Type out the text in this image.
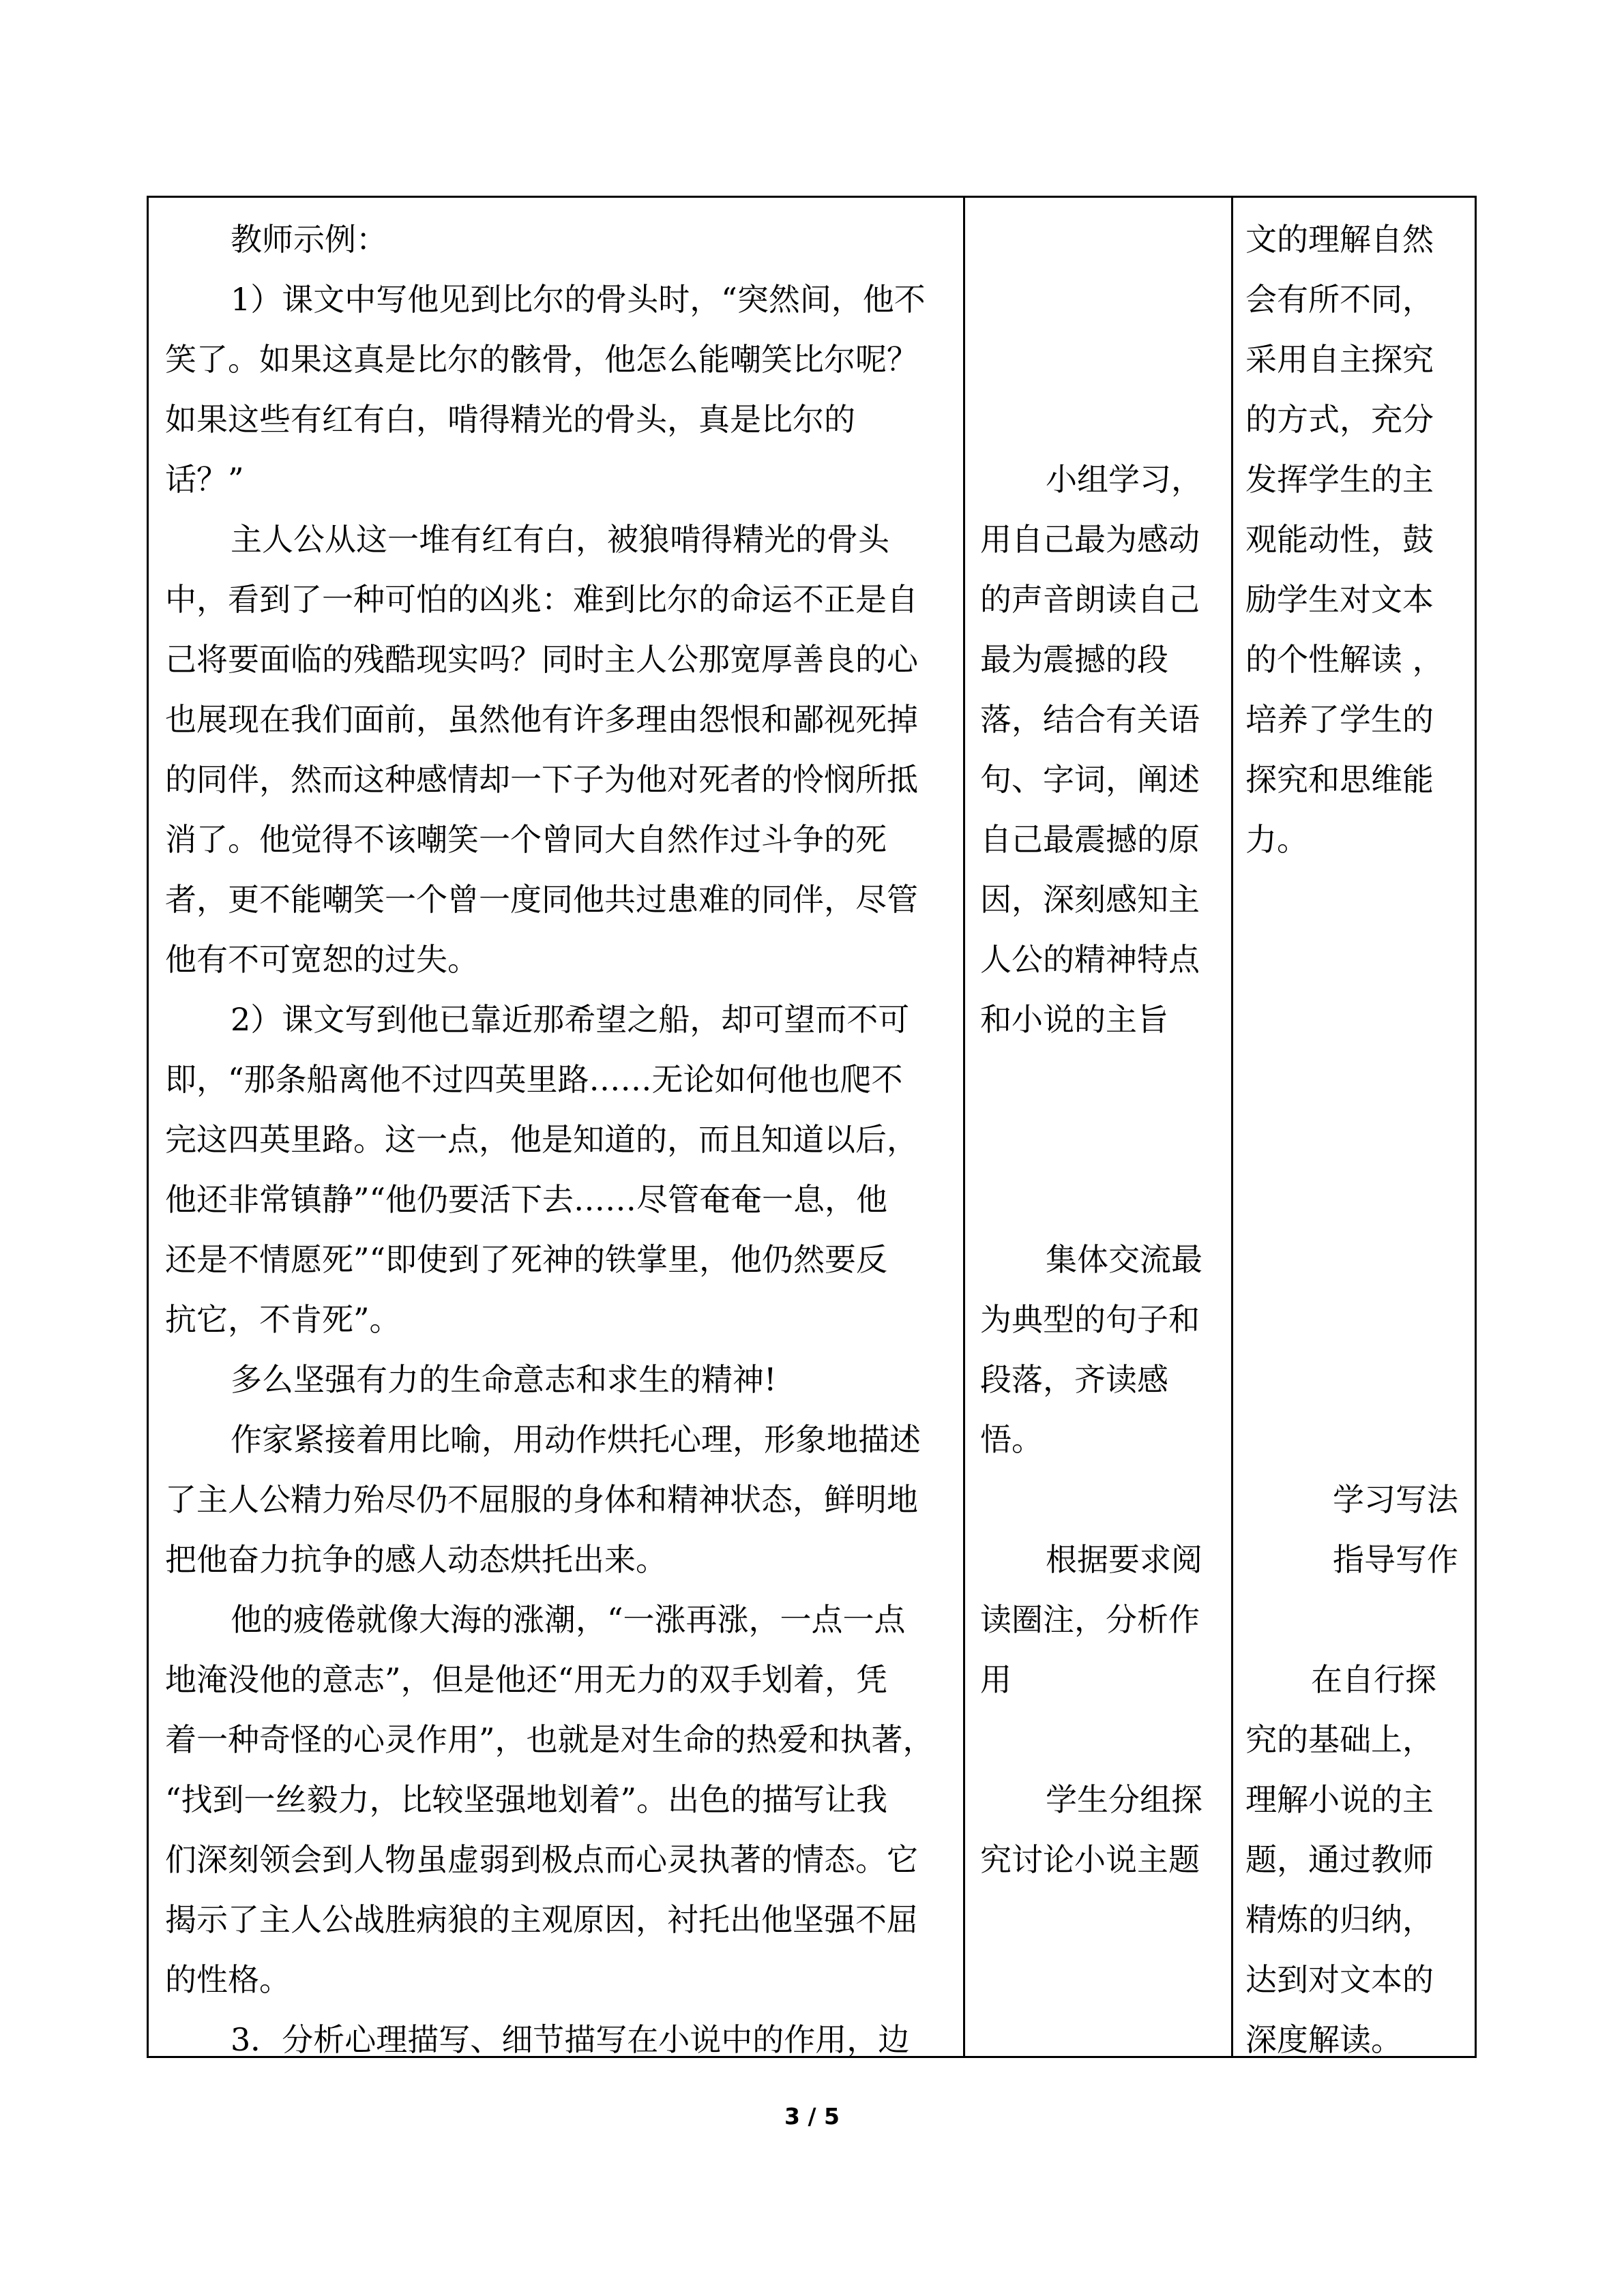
教师示例：

1）课文中写他见到比尔的骨头时，“突然间，他不

笑了。如果这真是比尔的骸骨，他怎么能嘲笑比尔呢？

如果这些有红有白，啃得精光的骨头，真是比尔的

话？”

主人公从这一堆有红有白，被狼啃得精光的骨头

中，看到了一种可怕的凶兆：难到比尔的命运不正是自

己将要面临的残酷现实吗？同时主人公那宽厚善良的心

也展现在我们面前，虽然他有许多理由怨恨和鄙视死掉

的同伴，然而这种感情却一下子为他对死者的怜悯所抵

消了。他觉得不该嘲笑一个曾同大自然作过斗争的死

者，更不能嘲笑一个曾一度同他共过患难的同伴，尽管

他有不可宽恕的过失。

2）课文写到他已靠近那希望之船，却可望而不可

即，“那条船离他不过四英里路……无论如何他也爬不

完这四英里路。这一点，他是知道的，而且知道以后，

他还非常镇静”“他仍要活下去……尽管奄奄一息，他

还是不情愿死”“即使到了死神的铁掌里，他仍然要反

抗它，不肯死”。

多么坚强有力的生命意志和求生的精神!

作家紧接着用比喻，用动作烘托心理，形象地描述

了主人公精力殆尽仍不屈服的身体和精神状态，鲜明地

把他奋力抗争的感人动态烘托出来。

他的疲倦就像大海的涨潮，“一涨再涨，一点一点

地淹没他的意志”，但是他还“用无力的双手划着，凭

着一种奇怪的心灵作用”，也就是对生命的热爱和执著，

“找到一丝毅力，比较坚强地划着”。出色的描写让我

们深刻领会到人物虽虚弱到极点而心灵执著的情态。它

揭示了主人公战胜病狼的主观原因，衬托出他坚强不屈

的性格。

3．分析心理描写、细节描写在小说中的作用，边

小组学习，

用自己最为感动

的声音朗读自己

最为震撼的段

落，结合有关语

句、字词，阐述

自己最震撼的原

因，深刻感知主

人公的精神特点

和小说的主旨

集体交流最

为典型的句子和

段落，齐读感

悟。

根据要求阅

读圈注，分析作

用

学生分组探

究讨论小说主题

文的理解自然

会有所不同，

采用自主探究

的方式，充分

发挥学生的主

观能动性，鼓

励学生对文本

的个性解读 ，

培养了学生的

探究和思维能

力。

学习写法

指导写作

在自行探

究的基础上，

理解小说的主

题，通过教师

精炼的归纳，

达到对文本的

深度解读。

3 / 5
